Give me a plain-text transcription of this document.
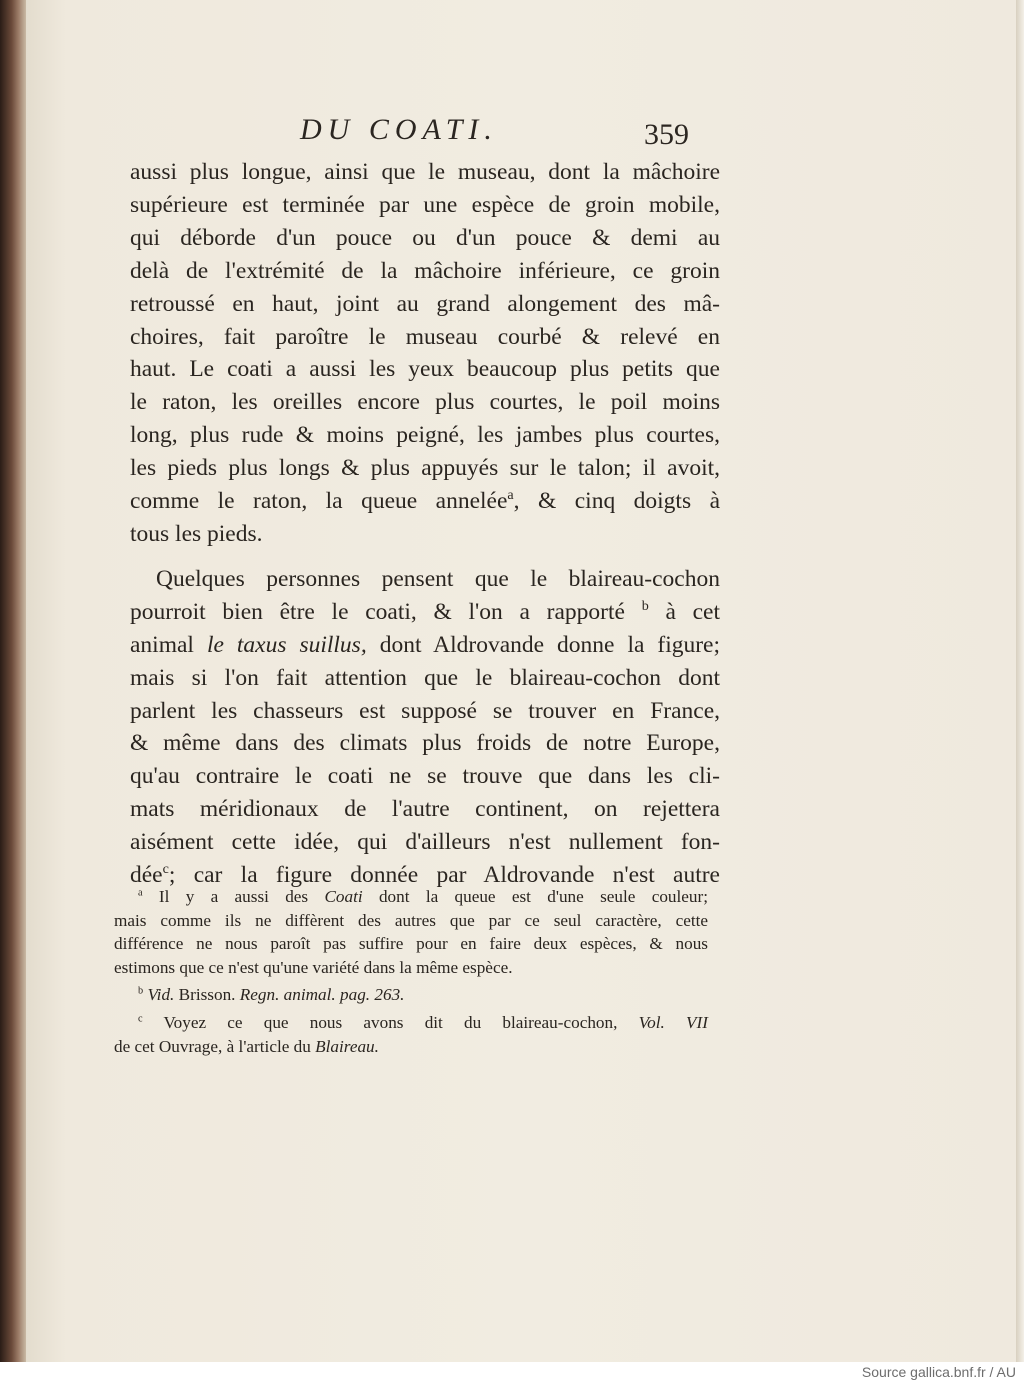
DU COATI.	359
aussi plus longue, ainsi que le museau, dont la mâchoire
supérieure est terminée par une espèce de groin mobile,
qui déborde d'un pouce ou d'un pouce & demi au
delà de l'extrémité de la mâchoire inférieure, ce groin
retroussé en haut, joint au grand alongement des mâ-
choires, fait paroître le museau courbé & relevé en
haut. Le coati a aussi les yeux beaucoup plus petits que
le raton, les oreilles encore plus courtes, le poil moins
long, plus rude & moins peigné, les jambes plus courtes,
les pieds plus longs & plus appuyés sur le talon; il avoit,
comme le raton, la queue annelée$^a$, & cinq doigts à
tous les pieds.
Quelques personnes pensent que le blaireau-cochon
pourroit bien être le coati, & l'on a rapporté $^b$ à cet
animal le taxus suillus, dont Aldrovande donne la figure;
mais si l'on fait attention que le blaireau-cochon dont
parlent les chasseurs est supposé se trouver en France,
& même dans des climats plus froids de notre Europe,
qu'au contraire le coati ne se trouve que dans les cli-
mats méridionaux de l'autre continent, on rejettera
aisément cette idée, qui d'ailleurs n'est nullement fon-
dée$^c$; car la figure donnée par Aldrovande n'est autre
$^a$ Il y a aussi des Coati dont la queue est d'une seule couleur;
mais comme ils ne diffèrent des autres que par ce seul caractère, cette
différence ne nous paroît pas suffire pour en faire deux espèces, & nous
estimons que ce n'est qu'une variété dans la même espèce.
$^b$ Vid. Brisson. Regn. animal. pag. 263.
$^c$ Voyez ce que nous avons dit du blaireau-cochon, Vol. VII
de cet Ouvrage, à l'article du Blaireau.
Source gallica.bnf.fr / AU
